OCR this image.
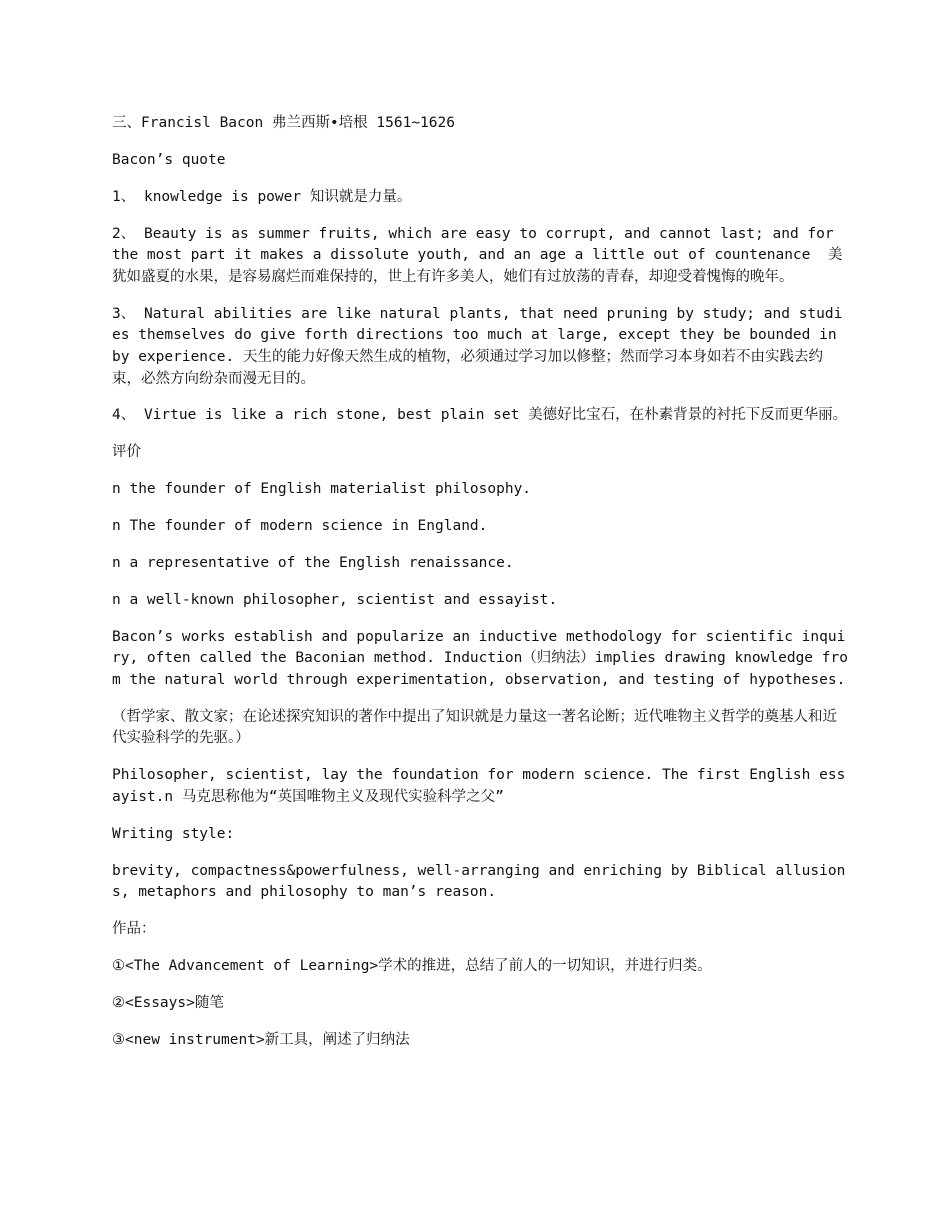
三、Francisl Bacon 弗兰西斯•培根 1561~1626

Bacon’s quote

1、 knowledge is power 知识就是力量。

2、 Beauty is as summer fruits, which are easy to corrupt, and cannot last; and for the most part it makes a dissolute youth, and an age a little out of countenance  美犹如盛夏的水果，是容易腐烂而难保持的，世上有许多美人，她们有过放荡的青春，却迎受着愧悔的晚年。

3、 Natural abilities are like natural plants, that need pruning by study; and studies themselves do give forth directions too much at large, except they be bounded in by experience. 天生的能力好像天然生成的植物，必须通过学习加以修整；然而学习本身如若不由实践去约束，必然方向纷杂而漫无目的。

4、 Virtue is like a rich stone, best plain set 美德好比宝石，在朴素背景的衬托下反而更华丽。

评价

n the founder of English materialist philosophy.

n The founder of modern science in England.

n a representative of the English renaissance.

n a well-known philosopher, scientist and essayist.

Bacon’s works establish and popularize an inductive methodology for scientific inquiry, often called the Baconian method. Induction（归纳法）implies drawing knowledge from the natural world through experimentation, observation, and testing of hypotheses.

（哲学家、散文家；在论述探究知识的著作中提出了知识就是力量这一著名论断；近代唯物主义哲学的奠基人和近代实验科学的先驱。）

Philosopher, scientist, lay the foundation for modern science. The first English essayist.n 马克思称他为“英国唯物主义及现代实验科学之父”

Writing style:

brevity, compactness&powerfulness, well-arranging and enriching by Biblical allusions, metaphors and philosophy to man’s reason.

作品：

①<The Advancement of Learning>学术的推进，总结了前人的一切知识，并进行归类。

②<Essays>随笔

③<new instrument>新工具，阐述了归纳法
